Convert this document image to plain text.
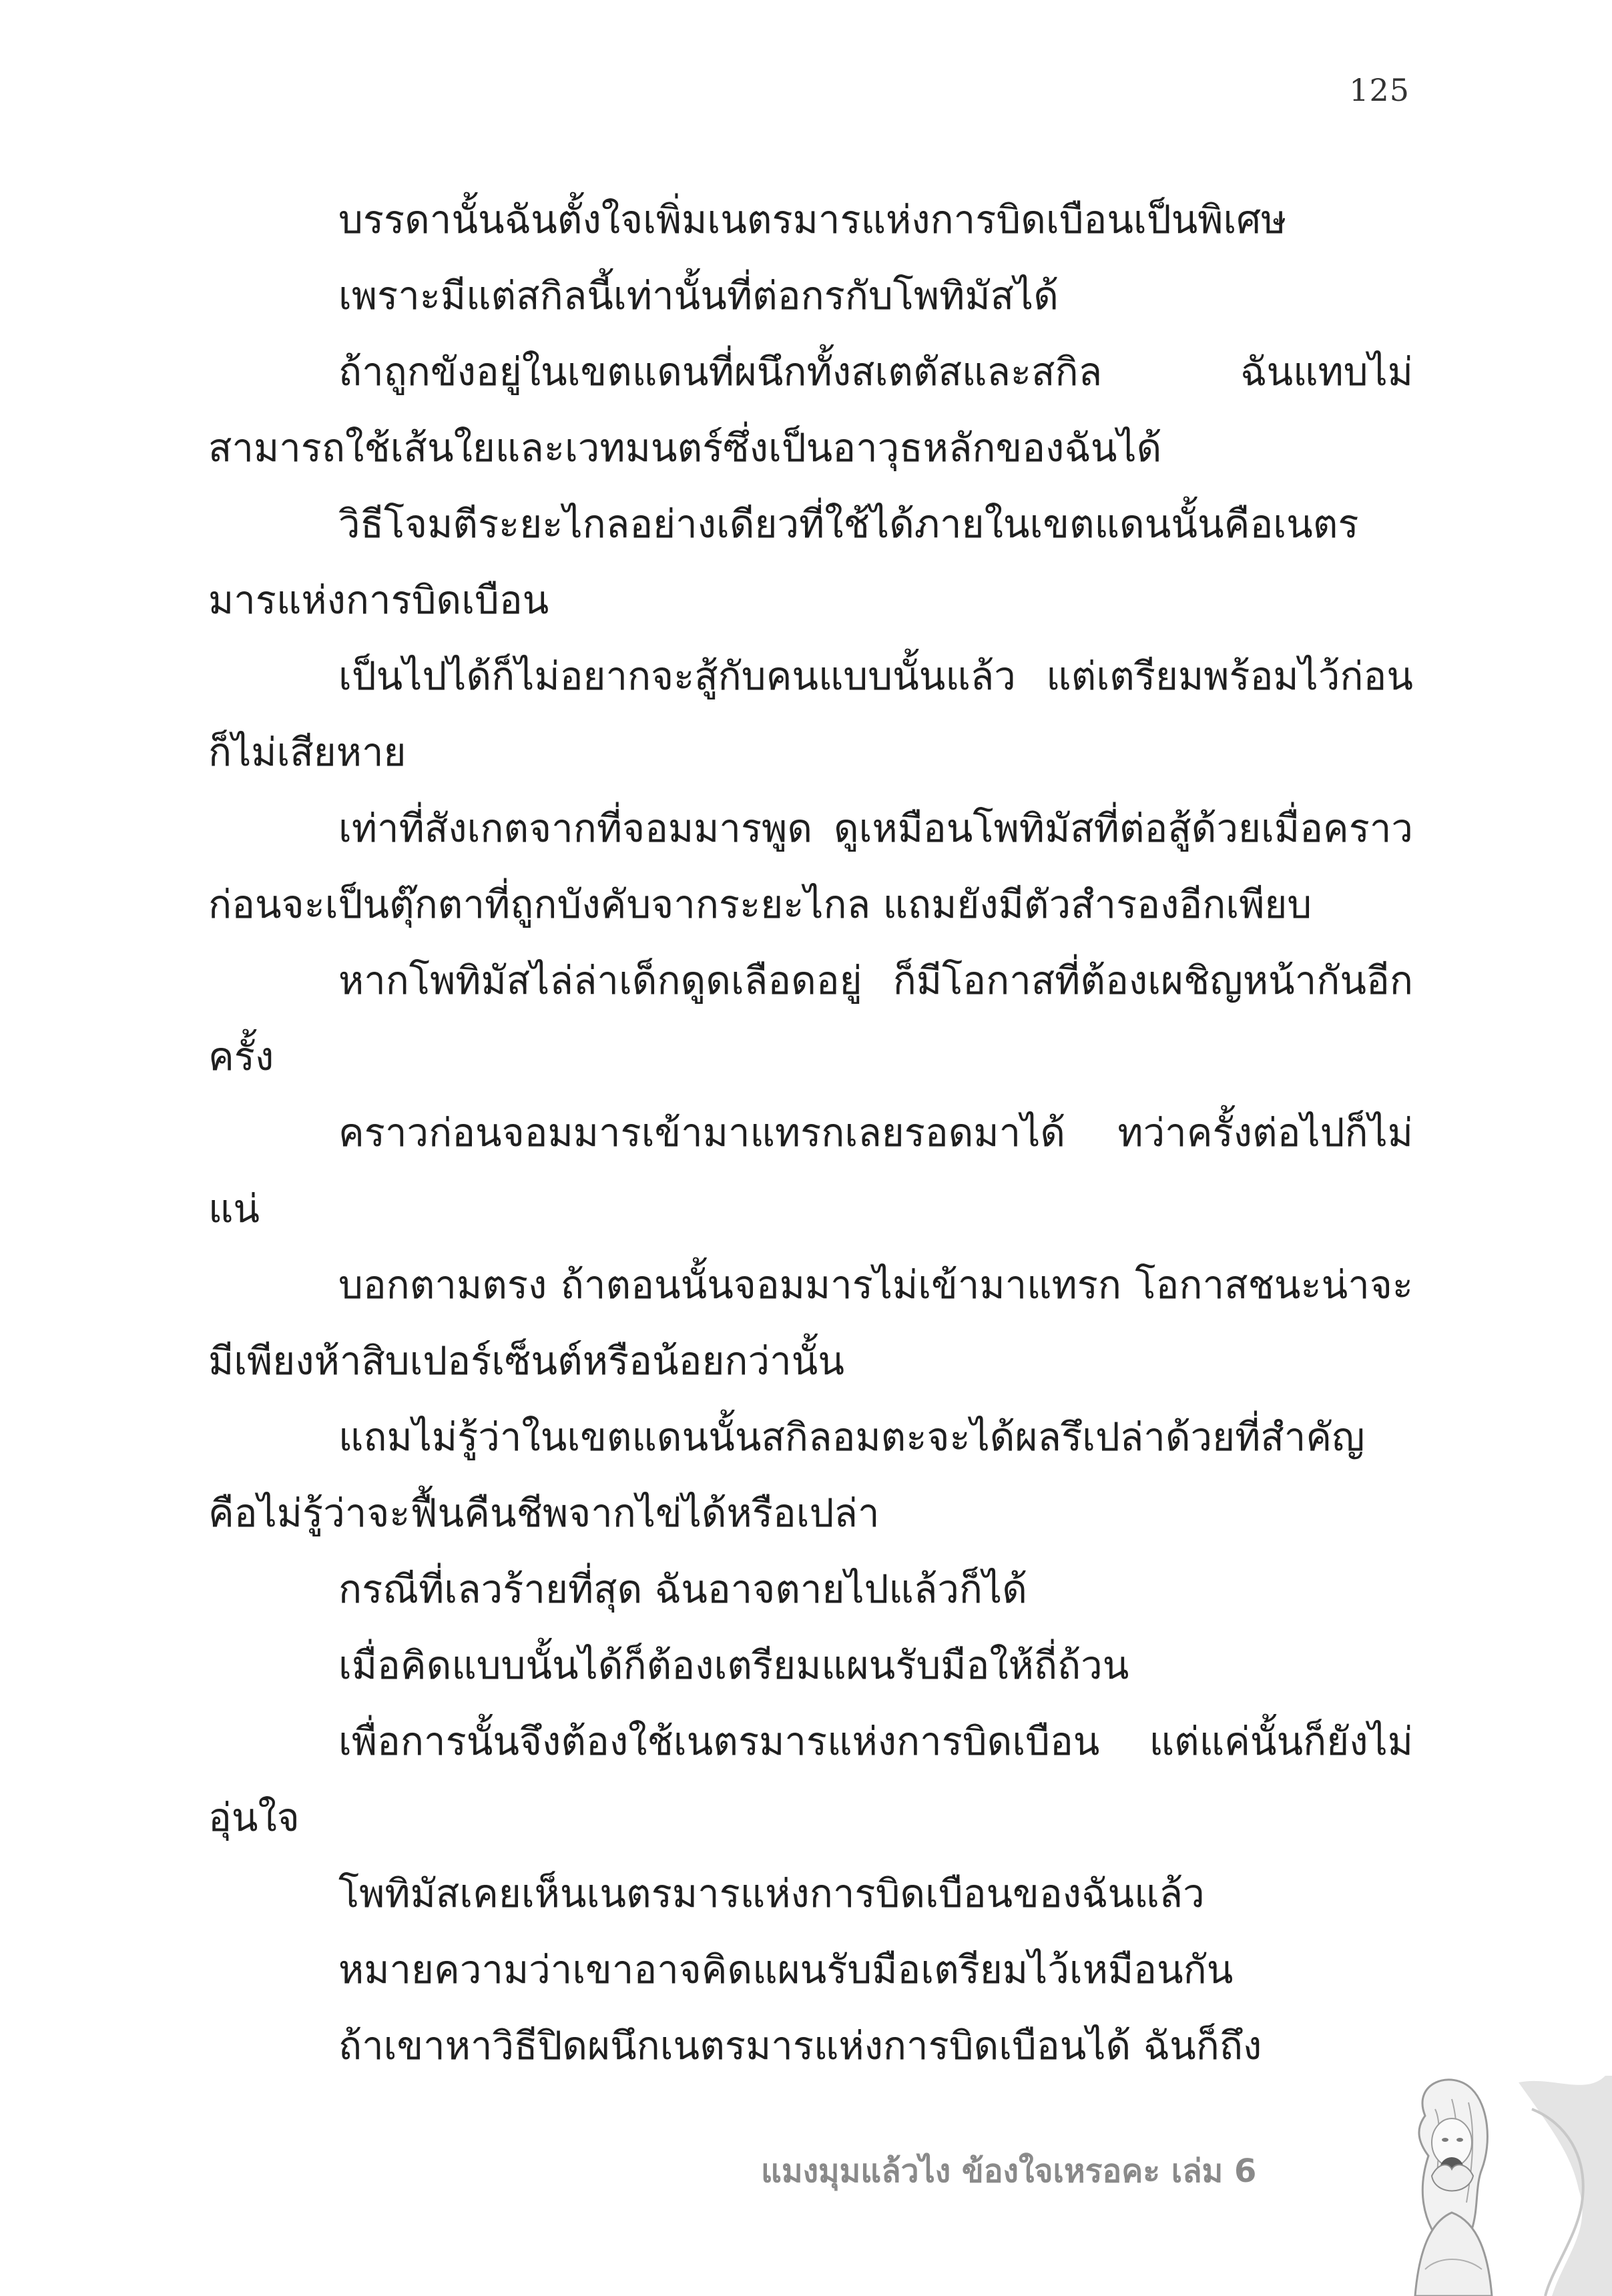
125

บรรดานั้นฉันตั้งใจเพิ่มเนตรมารแห่งการบิดเบือนเป็นพิเศษ

เพราะมีแต่สกิลนี้เท่านั้นที่ต่อกรกับโพทิมัสได้

ถ้าถูกขังอยู่ในเขตแดนที่ผนึกทั้งสเตตัสและสกิล ฉันแทบไม่สามารถใช้เส้นใยและเวทมนตร์ซึ่งเป็นอาวุธหลักของฉันได้

วิธีโจมตีระยะไกลอย่างเดียวที่ใช้ได้ภายในเขตแดนนั้นคือเนตรมารแห่งการบิดเบือน

เป็นไปได้ก็ไม่อยากจะสู้กับคนแบบนั้นแล้ว แต่เตรียมพร้อมไว้ก่อนก็ไม่เสียหาย

เท่าที่สังเกตจากที่จอมมารพูด ดูเหมือนโพทิมัสที่ต่อสู้ด้วยเมื่อคราวก่อนจะเป็นตุ๊กตาที่ถูกบังคับจากระยะไกล แถมยังมีตัวสำรองอีกเพียบ

หากโพทิมัสไล่ล่าเด็กดูดเลือดอยู่ ก็มีโอกาสที่ต้องเผชิญหน้ากันอีกครั้ง

คราวก่อนจอมมารเข้ามาแทรกเลยรอดมาได้ ทว่าครั้งต่อไปก็ไม่แน่

บอกตามตรง ถ้าตอนนั้นจอมมารไม่เข้ามาแทรก โอกาสชนะน่าจะมีเพียงห้าสิบเปอร์เซ็นต์หรือน้อยกว่านั้น

แถมไม่รู้ว่าในเขตแดนนั้นสกิลอมตะจะได้ผลรึเปล่าด้วยที่สำคัญคือไม่รู้ว่าจะฟื้นคืนชีพจากไข่ได้หรือเปล่า

กรณีที่เลวร้ายที่สุด ฉันอาจตายไปแล้วก็ได้

เมื่อคิดแบบนั้นได้ก็ต้องเตรียมแผนรับมือให้ถี่ถ้วน

เพื่อการนั้นจึงต้องใช้เนตรมารแห่งการบิดเบือน แต่แค่นั้นก็ยังไม่อุ่นใจ

โพทิมัสเคยเห็นเนตรมารแห่งการบิดเบือนของฉันแล้ว

หมายความว่าเขาอาจคิดแผนรับมือเตรียมไว้เหมือนกัน

ถ้าเขาหาวิธีปิดผนึกเนตรมารแห่งการบิดเบือนได้ ฉันก็ถึง

แมงมุมแล้วไง ข้องใจเหรอคะ เล่ม 6
